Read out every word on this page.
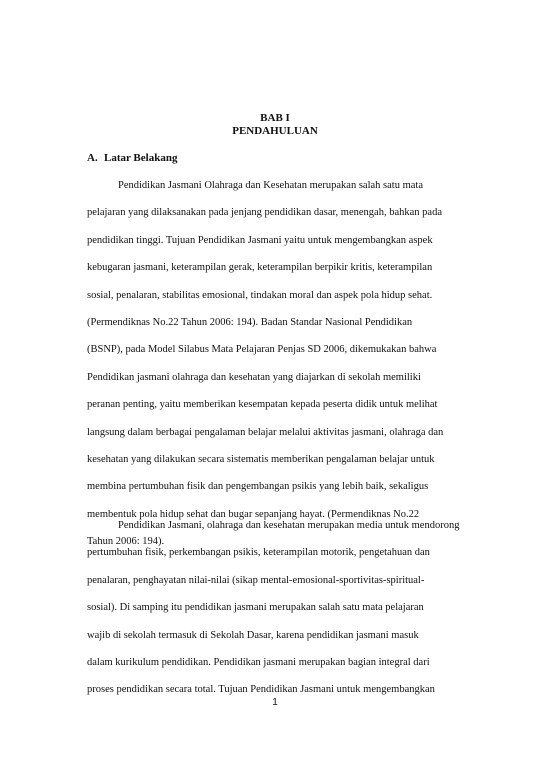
BAB I

PENDAHULUAN

A. Latar Belakang

Pendidikan Jasmani Olahraga dan Kesehatan merupakan salah satu mata
pelajaran yang dilaksanakan pada jenjang pendidikan dasar, menengah, bahkan pada
pendidikan tinggi. Tujuan Pendidikan Jasmani yaitu untuk mengembangkan aspek
kebugaran jasmani, keterampilan gerak, keterampilan berpikir kritis, keterampilan
sosial, penalaran, stabilitas emosional, tindakan moral dan aspek pola hidup sehat.
(Permendiknas No.22 Tahun 2006: 194). Badan Standar Nasional Pendidikan
(BSNP), pada Model Silabus Mata Pelajaran Penjas SD 2006, dikemukakan bahwa
Pendidikan jasmani olahraga dan kesehatan yang diajarkan di sekolah memiliki
peranan penting, yaitu memberikan kesempatan kepada peserta didik untuk melihat
langsung dalam berbagai pengalaman belajar melalui aktivitas jasmani, olahraga dan
kesehatan yang dilakukan secara sistematis memberikan pengalaman belajar untuk
membina pertumbuhan fisik dan pengembangan psikis yang lebih baik, sekaligus
membentuk pola hidup sehat dan bugar sepanjang hayat. (Permendiknas No.22
Tahun 2006: 194).

Pendidikan Jasmani, olahraga dan kesehatan merupakan media untuk mendorong
pertumbuhan fisik, perkembangan psikis, keterampilan motorik, pengetahuan dan
penalaran, penghayatan nilai-nilai (sikap mental-emosional-sportivitas-spiritual-
sosial). Di samping itu pendidikan jasmani merupakan salah satu mata pelajaran
wajib di sekolah termasuk di Sekolah Dasar, karena pendidikan jasmani masuk
dalam kurikulum pendidikan. Pendidikan jasmani merupakan bagian integral dari
proses pendidikan secara total. Tujuan Pendidikan Jasmani untuk mengembangkan

1
